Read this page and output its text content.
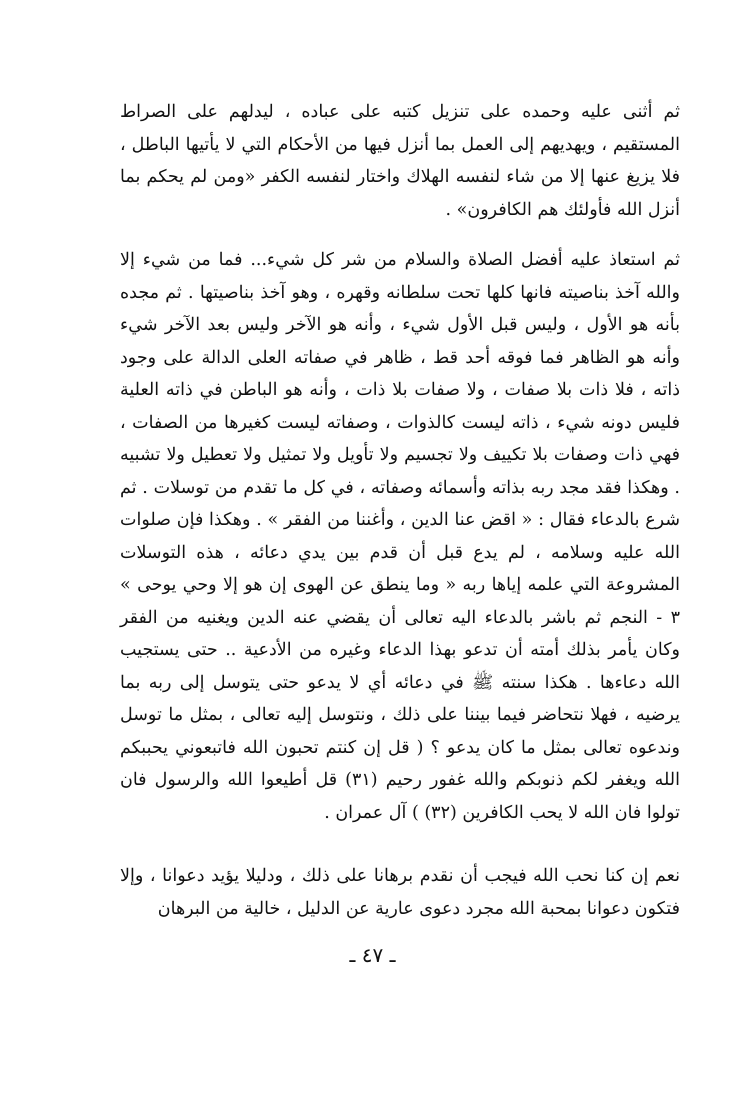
ثم أثنى عليه وحمده على تنزيل كتبه على عباده ، ليدلهم على الصراط المستقيم ، ويهديهم إلى العمل بما أنزل فيها من الأحكام التي لا يأتيها الباطل ، فلا يزيغ عنها إلا من شاء لنفسه الهلاك واختار لنفسه الكفر «ومن لم يحكم بما أنزل الله فأولئك هم الكافرون» .

ثم استعاذ عليه أفضل الصلاة والسلام من شر كل شيء... فما من شيء إلا والله آخذ بناصيته فانها كلها تحت سلطانه وقهره ، وهو آخذ بناصيتها . ثم مجده بأنه هو الأول ، وليس قبل الأول شيء ، وأنه هو الآخر وليس بعد الآخر شيء وأنه هو الظاهر فما فوقه أحد قط ، ظاهر في صفاته العلى الدالة على وجود ذاته ، فلا ذات بلا صفات ، ولا صفات بلا ذات ، وأنه هو الباطن في ذاته العلية فليس دونه شيء ، ذاته ليست كالذوات ، وصفاته ليست كغيرها من الصفات ، فهي ذات وصفات بلا تكييف ولا تجسيم ولا تأويل ولا تمثيل ولا تعطيل ولا تشبيه . وهكذا فقد مجد ربه بذاته وأسمائه وصفاته ، في كل ما تقدم من توسلات . ثم شرع بالدعاء فقال : « اقض عنا الدين ، وأغننا من الفقر » . وهكذا فإن صلوات الله عليه وسلامه ، لم يدع قبل أن قدم بين يدي دعائه ، هذه التوسلات المشروعة التي علمه إياها ربه « وما ينطق عن الهوى إن هو إلا وحي يوحى » ٣ - النجم ثم باشر بالدعاء اليه تعالى أن يقضي عنه الدين ويغنيه من الفقر وكان يأمر بذلك أمته أن تدعو بهذا الدعاء وغيره من الأدعية .. حتى يستجيب الله دعاءها . هكذا سنته ﷺ في دعائه أي لا يدعو حتى يتوسل إلى ربه بما يرضيه ، فهلا نتحاضر فيما بيننا على ذلك ، ونتوسل إليه تعالى ، بمثل ما توسل وندعوه تعالى بمثل ما كان يدعو ؟ ( قل إن كنتم تحبون الله فاتبعوني يحببكم الله ويغفر لكم ذنوبكم والله غفور رحيم (٣١) قل أطيعوا الله والرسول فان تولوا فان الله لا يحب الكافرين (٣٢) ) آل عمران .

نعم إن كنا نحب الله فيجب أن نقدم برهانا على ذلك ، ودليلا يؤيد دعوانا ، وإلا فتكون دعوانا بمحبة الله مجرد دعوى عارية عن الدليل ، خالية من البرهان

ـ ٤٧ ـ
